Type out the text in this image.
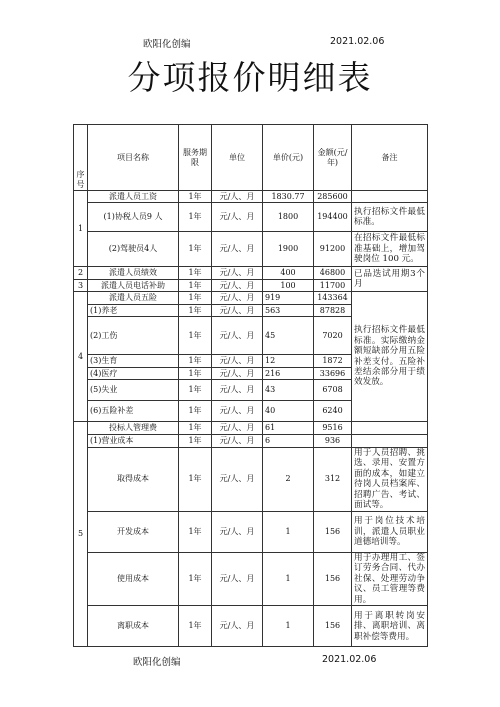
欧阳化创编	2021.02.06
分项报价明细表
序号	项目名称	服务期限	单位	单价(元)	金额(元/年)	备注
1	派遣人员工资	1年	元/人、月	1830.77	285600	
	(1)协税人员9 人	1年	元/人、月	1800	194400	执行招标文件最低标准。
	(2)驾驶员4人	1年	元/人、月	1900	91200	在招标文件最低标准基础上，增加驾驶岗位 100 元。
2	派遣人员绩效	1年	元/人、月	400	46800	已品迭试用期3个月
3	派遣人员电话补助	1年	元/人、月	100	11700	
4	派遣人员五险	1年	元/人、月	919	143364	执行招标文件最低标准。实际缴纳金额短缺部分用五险补差支付。五险补差结余部分用于绩效发放。
	(1)养老	1年	元/人、月	563	87828	
	(2)工伤	1年	元/人、月	45	7020	
	(3)生育	1年	元/人、月	12	1872	
	(4)医疗	1年	元/人、月	216	33696	
	(5)失业	1年	元/人、月	43	6708	
	(6)五险补差	1年	元/人、月	40	6240	
5	投标人管理费	1年	元/人、月	61	9516	
	(1)营业成本	1年	元/人、月	6	936	
	取得成本	1年	元/人、月	2	312	用于人员招聘、挑选、录用、安置方面的成本，如建立待岗人员档案库、招聘广告、考试、面试等。
	开发成本	1年	元/人、月	1	156	用于岗位技术培训，派遣人员职业道德培训等。
	使用成本	1年	元/人、月	1	156	用于办理用工、签订劳务合同、代办社保、处理劳动争议、员工管理等费用。
	离职成本	1年	元/人、月	1	156	用于离职转岗安排、离职培训、离职补偿等费用。
欧阳化创编	2021.02.06
